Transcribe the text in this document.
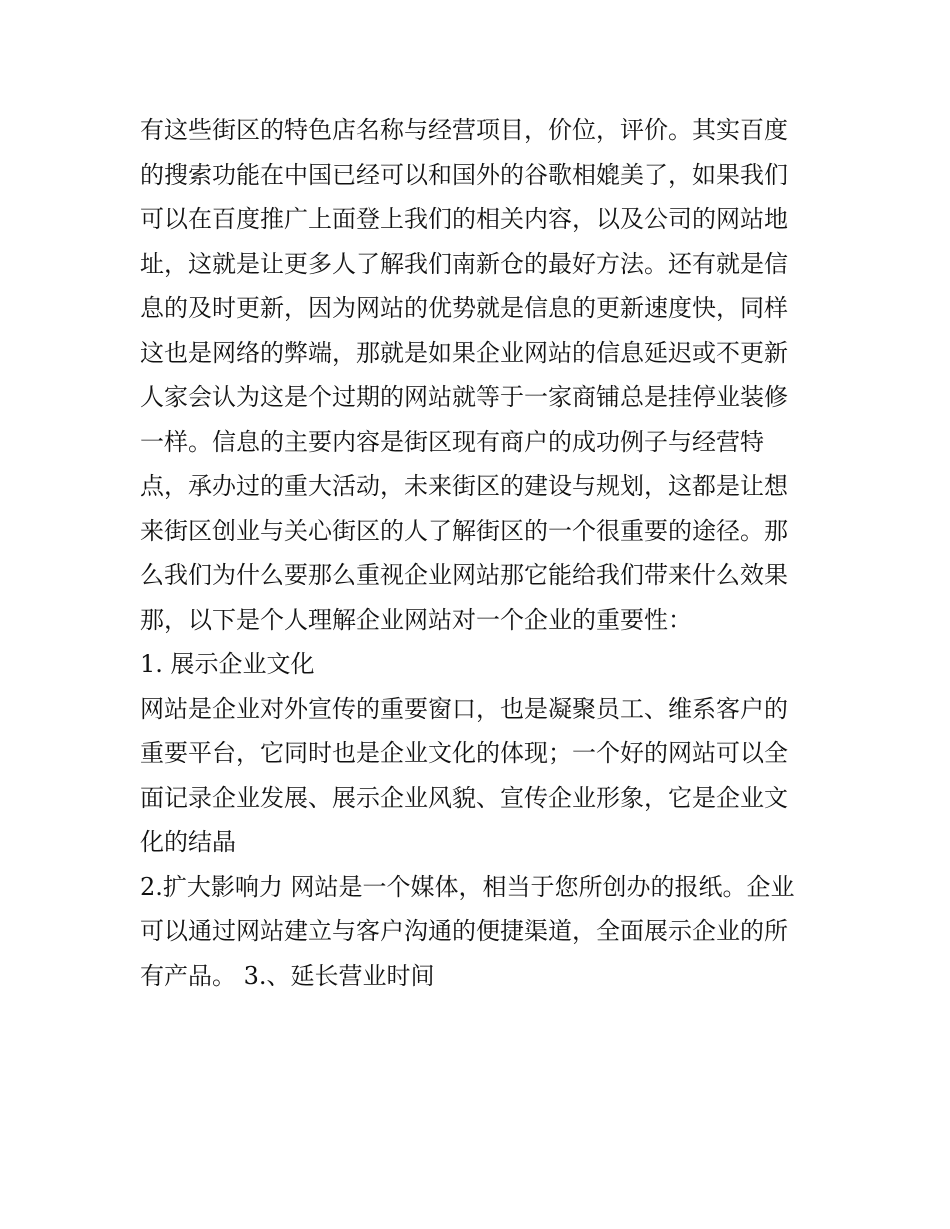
有这些街区的特色店名称与经营项目，价位，评价。其实百度
的搜索功能在中国已经可以和国外的谷歌相媲美了，如果我们
可以在百度推广上面登上我们的相关内容，以及公司的网站地
址，这就是让更多人了解我们南新仓的最好方法。还有就是信
息的及时更新，因为网站的优势就是信息的更新速度快，同样
这也是网络的弊端，那就是如果企业网站的信息延迟或不更新
人家会认为这是个过期的网站就等于一家商铺总是挂停业装修
一样。信息的主要内容是街区现有商户的成功例子与经营特
点，承办过的重大活动，未来街区的建设与规划，这都是让想
来街区创业与关心街区的人了解街区的一个很重要的途径。那
么我们为什么要那么重视企业网站那它能给我们带来什么效果
那，以下是个人理解企业网站对一个企业的重要性：
1. 展示企业文化
网站是企业对外宣传的重要窗口，也是凝聚员工、维系客户的
重要平台，它同时也是企业文化的体现；一个好的网站可以全
面记录企业发展、展示企业风貌、宣传企业形象，它是企业文
化的结晶
2.扩大影响力 网站是一个媒体，相当于您所创办的报纸。企业
可以通过网站建立与客户沟通的便捷渠道，全面展示企业的所
有产品。 3.、延长营业时间
